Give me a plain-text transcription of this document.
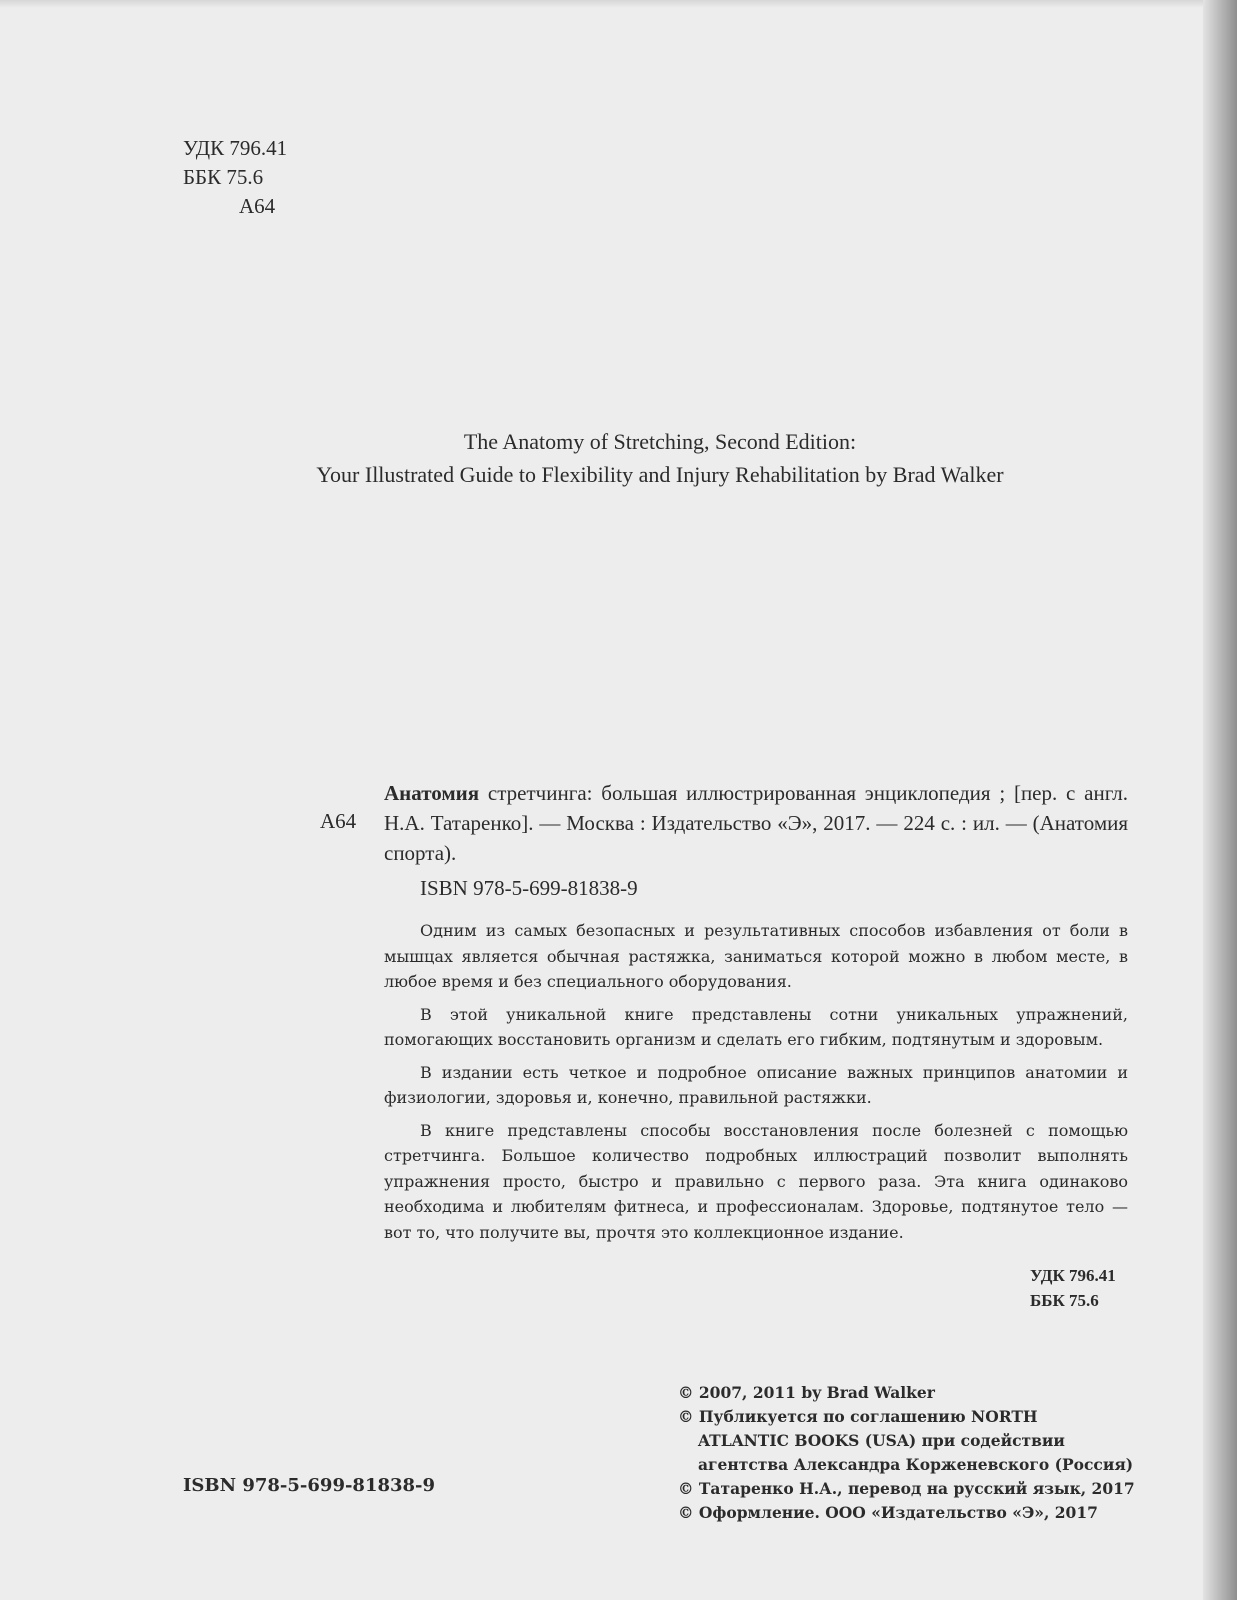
УДК 796.41
ББК 75.6
А64
The Anatomy of Stretching, Second Edition:
Your Illustrated Guide to Flexibility and Injury Rehabilitation by Brad Walker
А64
Анатомия стретчинга: большая иллюстрированная энциклопедия ; [пер. с англ. Н.А. Татаренко]. — Москва : Издательство «Э», 2017. — 224 с. : ил. — (Анатомия спорта).
ISBN 978-5-699-81838-9

Одним из самых безопасных и результативных способов избавления от боли в мышцах является обычная растяжка, заниматься которой можно в любом месте, в любое время и без специального оборудования.

В этой уникальной книге представлены сотни уникальных упражнений, помогающих восстановить организм и сделать его гибким, подтянутым и здоровым.

В издании есть четкое и подробное описание важных принципов анатомии и физиологии, здоровья и, конечно, правильной растяжки.

В книге представлены способы восстановления после болезней с помощью стретчинга. Большое количество подробных иллюстраций позволит выполнять упражнения просто, быстро и правильно с первого раза. Эта книга одинаково необходима и любителям фитнеса, и профессионалам. Здоровье, подтянутое тело — вот то, что получите вы, прочтя это коллекционное издание.

УДК 796.41
ББК 75.6
© 2007, 2011 by Brad Walker
© Публикуется по соглашению NORTH
ATLANTIC BOOKS (USA) при содействии
агентства Александра Корженевского (Россия)
© Татаренко Н.А., перевод на русский язык, 2017
© Оформление. ООО «Издательство «Э», 2017
ISBN 978-5-699-81838-9
